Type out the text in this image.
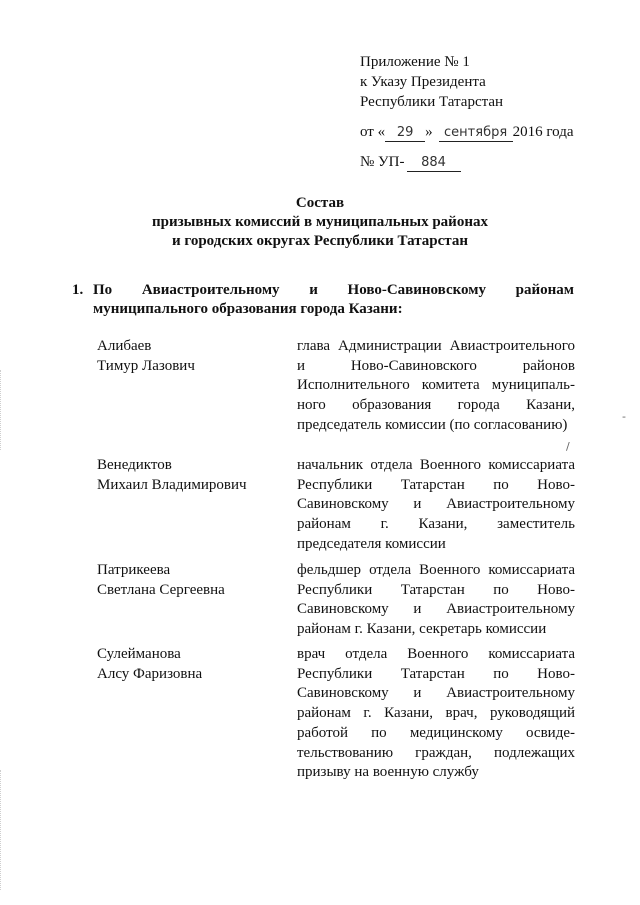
Приложение № 1
к Указу Президента
Республики Татарстан
от « 29 » сентября 2016 года
№ УП- 884
Состав
призывных комиссий в муниципальных районах
и городских округах Республики Татарстан
1. По Авиастроительному и Ново-Савиновскому районам муниципального образования города Казани:
Алибаев
Тимур Лазович
глава Администрации Авиастроительного и Ново-Савиновского районов Исполнительного комитета муниципального образования города Казани, председатель комиссии (по согласованию)
Венедиктов
Михаил Владимирович
начальник отдела Военного комиссариата Республики Татарстан по Ново-Савиновскому и Авиастроительному районам г. Казани, заместитель председателя комиссии
Патрикеева
Светлана Сергеевна
фельдшер отдела Военного комиссариата Республики Татарстан по Ново-Савиновскому и Авиастроительному районам г. Казани, секретарь комиссии
Сулейманова
Алсу Фаризовна
врач отдела Военного комиссариата Республики Татарстан по Ново-Савиновскому и Авиастроительному районам г. Казани, врач, руководящий работой по медицинскому освидетельствованию граждан, подлежащих призыву на военную службу
-
/
